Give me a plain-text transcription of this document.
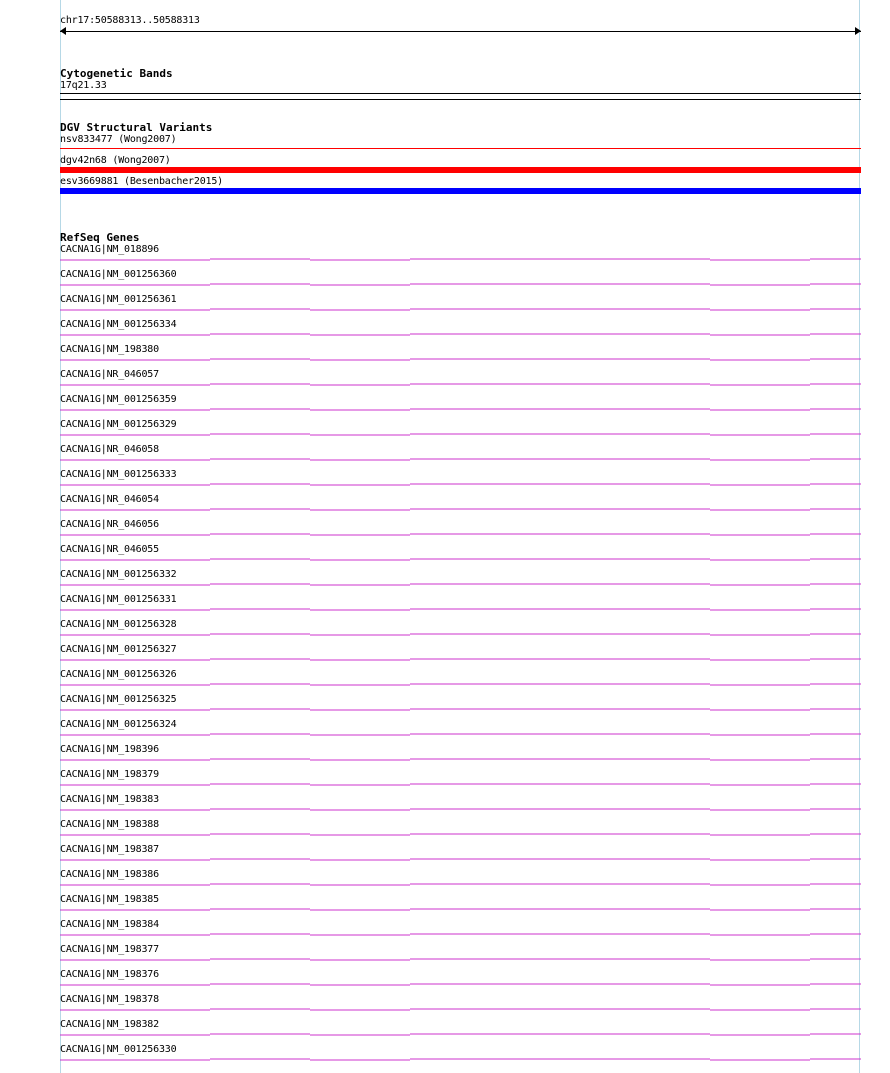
chr17:50588313..50588313
Cytogenetic Bands
17q21.33
DGV Structural Variants
nsv833477 (Wong2007)
dgv42n68 (Wong2007)
esv3669881 (Besenbacher2015)
RefSeq Genes
CACNA1G|NM_018896
CACNA1G|NM_001256360
CACNA1G|NM_001256361
CACNA1G|NM_001256334
CACNA1G|NM_198380
CACNA1G|NR_046057
CACNA1G|NM_001256359
CACNA1G|NM_001256329
CACNA1G|NR_046058
CACNA1G|NM_001256333
CACNA1G|NR_046054
CACNA1G|NR_046056
CACNA1G|NR_046055
CACNA1G|NM_001256332
CACNA1G|NM_001256331
CACNA1G|NM_001256328
CACNA1G|NM_001256327
CACNA1G|NM_001256326
CACNA1G|NM_001256325
CACNA1G|NM_001256324
CACNA1G|NM_198396
CACNA1G|NM_198379
CACNA1G|NM_198383
CACNA1G|NM_198388
CACNA1G|NM_198387
CACNA1G|NM_198386
CACNA1G|NM_198385
CACNA1G|NM_198384
CACNA1G|NM_198377
CACNA1G|NM_198376
CACNA1G|NM_198378
CACNA1G|NM_198382
CACNA1G|NM_001256330
